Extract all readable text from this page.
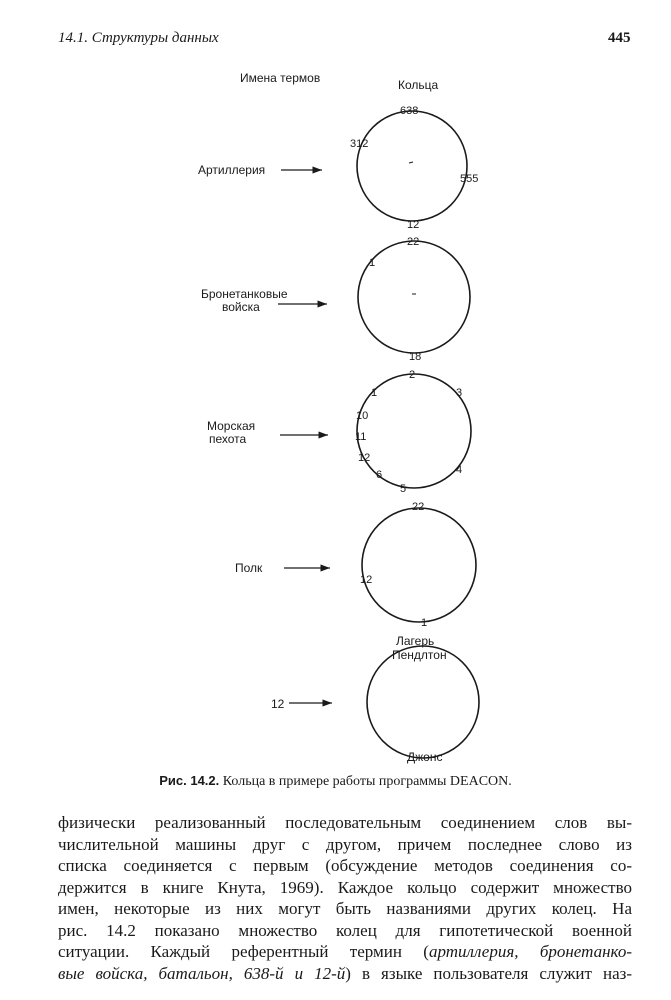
14.1. Структуры данных	445
Имена термов	Кольца
Артиллерия
638
555
12
312
Бронетанковые
войска
22
18
1
Морская
пехота
2
3
4
5
6
12
11
10
1
Полк
22
1
12
12
Лагерь
Пендлтон
Джонс
Рис. 14.2. Кольца в примере работы программы DEACON.
физически реализованный последовательным соединением слов вы-
числительной машины друг с другом, причем последнее слово из
списка соединяется с первым (обсуждение методов соединения со-
держится в книге Кнута, 1969). Каждое кольцо содержит множество
имен, некоторые из них могут быть названиями других колец. На
рис. 14.2 показано множество колец для гипотетической военной
ситуации. Каждый референтный термин (артиллерия, бронетанко-
вые войска, батальон, 638-й и 12-й) в языке пользователя служит наз-
